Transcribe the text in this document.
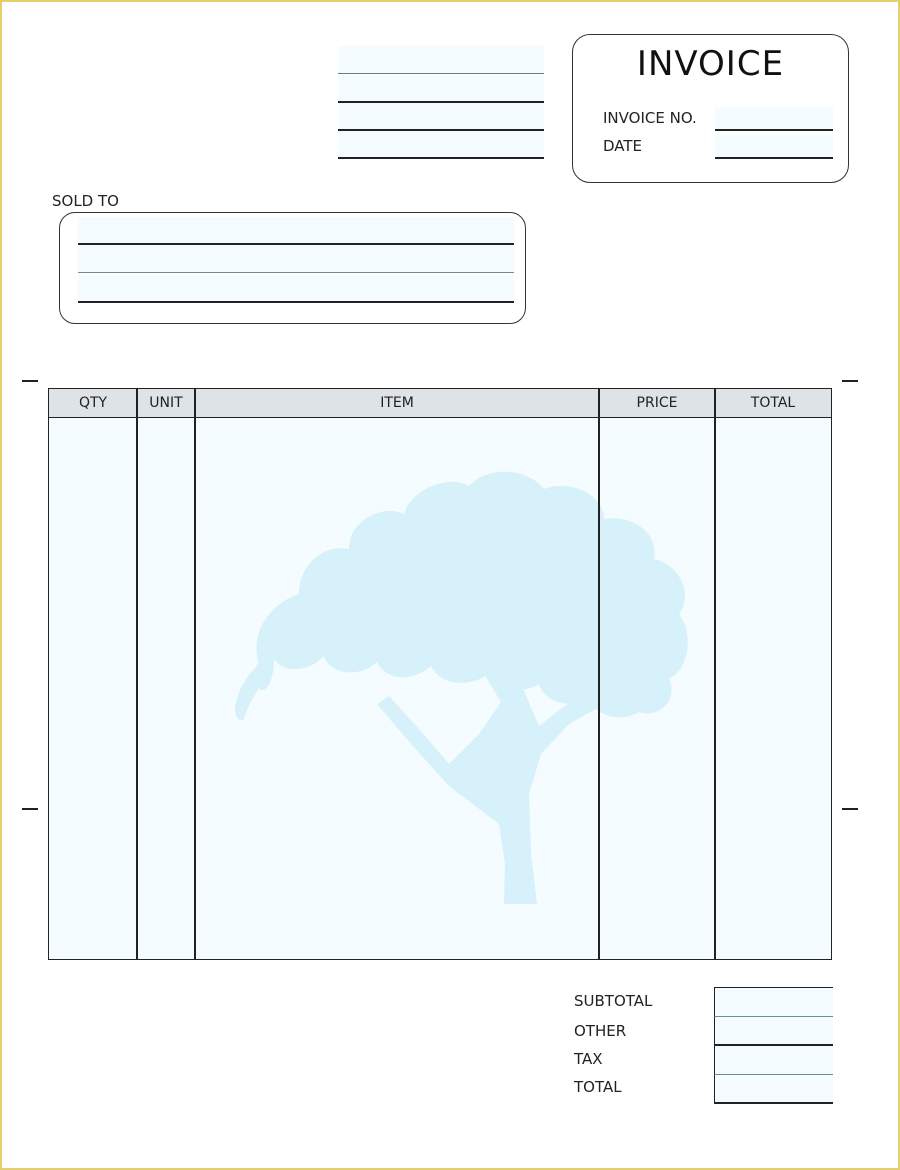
INVOICE
INVOICE NO.
DATE
SOLD TO
QTY	UNIT	ITEM	PRICE	TOTAL
SUBTOTAL
OTHER
TAX
TOTAL
